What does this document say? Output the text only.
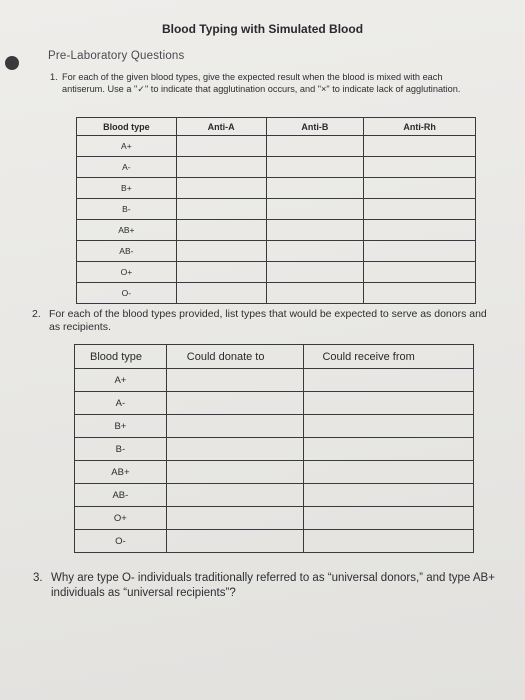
Blood Typing with Simulated Blood
Pre-Laboratory Questions
1. For each of the given blood types, give the expected result when the blood is mixed with each antiserum. Use a "✓" to indicate that agglutination occurs, and "×" to indicate lack of agglutination.
Blood type	Anti-A	Anti-B	Anti-Rh
A+			
A-			
B+			
B-			
AB+			
AB-			
O+			
O-			
2. For each of the blood types provided, list types that would be expected to serve as donors and as recipients.
Blood type	Could donate to	Could receive from
A+		
A-		
B+		
B-		
AB+		
AB-		
O+		
O-		
3. Why are type O- individuals traditionally referred to as “universal donors,” and type AB+ individuals as “universal recipients”?
